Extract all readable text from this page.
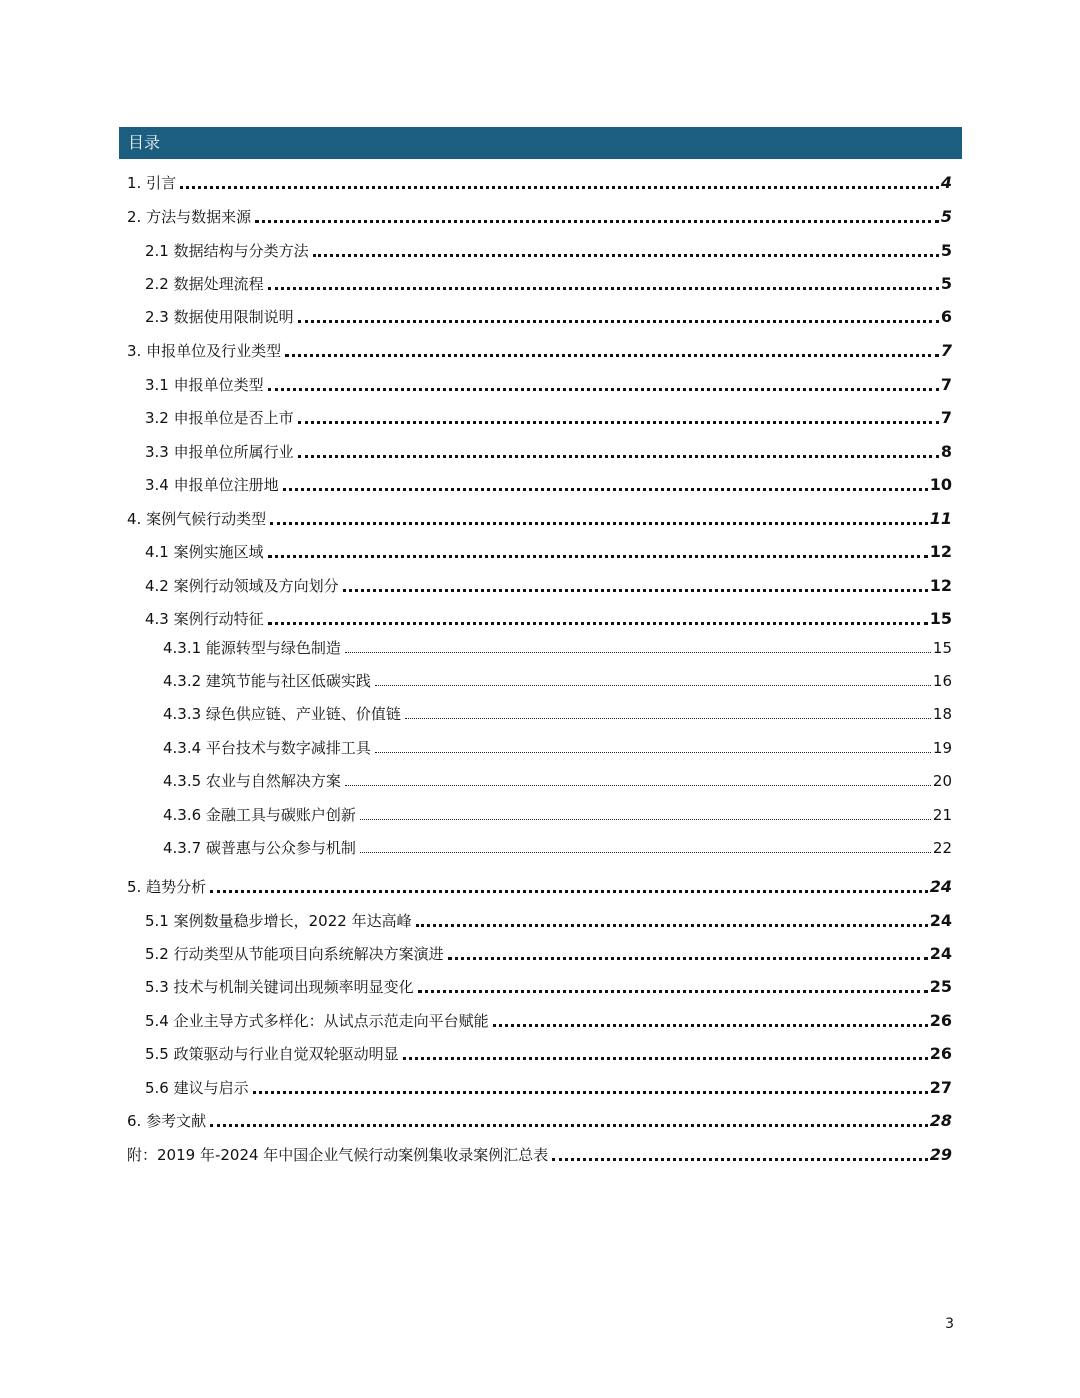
目录
1. 引言	4
2. 方法与数据来源	5
2.1 数据结构与分类方法	5
2.2 数据处理流程	5
2.3 数据使用限制说明	6
3. 申报单位及行业类型	7
3.1 申报单位类型	7
3.2 申报单位是否上市	7
3.3 申报单位所属行业	8
3.4 申报单位注册地	10
4. 案例气候行动类型	11
4.1 案例实施区域	12
4.2 案例行动领域及方向划分	12
4.3 案例行动特征	15
4.3.1 能源转型与绿色制造	15
4.3.2 建筑节能与社区低碳实践	16
4.3.3 绿色供应链、产业链、价值链	18
4.3.4 平台技术与数字减排工具	19
4.3.5 农业与自然解决方案	20
4.3.6 金融工具与碳账户创新	21
4.3.7 碳普惠与公众参与机制	22
5. 趋势分析	24
5.1 案例数量稳步增长，2022 年达高峰	24
5.2 行动类型从节能项目向系统解决方案演进	24
5.3 技术与机制关键词出现频率明显变化	25
5.4 企业主导方式多样化：从试点示范走向平台赋能	26
5.5 政策驱动与行业自觉双轮驱动明显	26
5.6 建议与启示	27
6. 参考文献	28
附：2019 年-2024 年中国企业气候行动案例集收录案例汇总表	29
3
